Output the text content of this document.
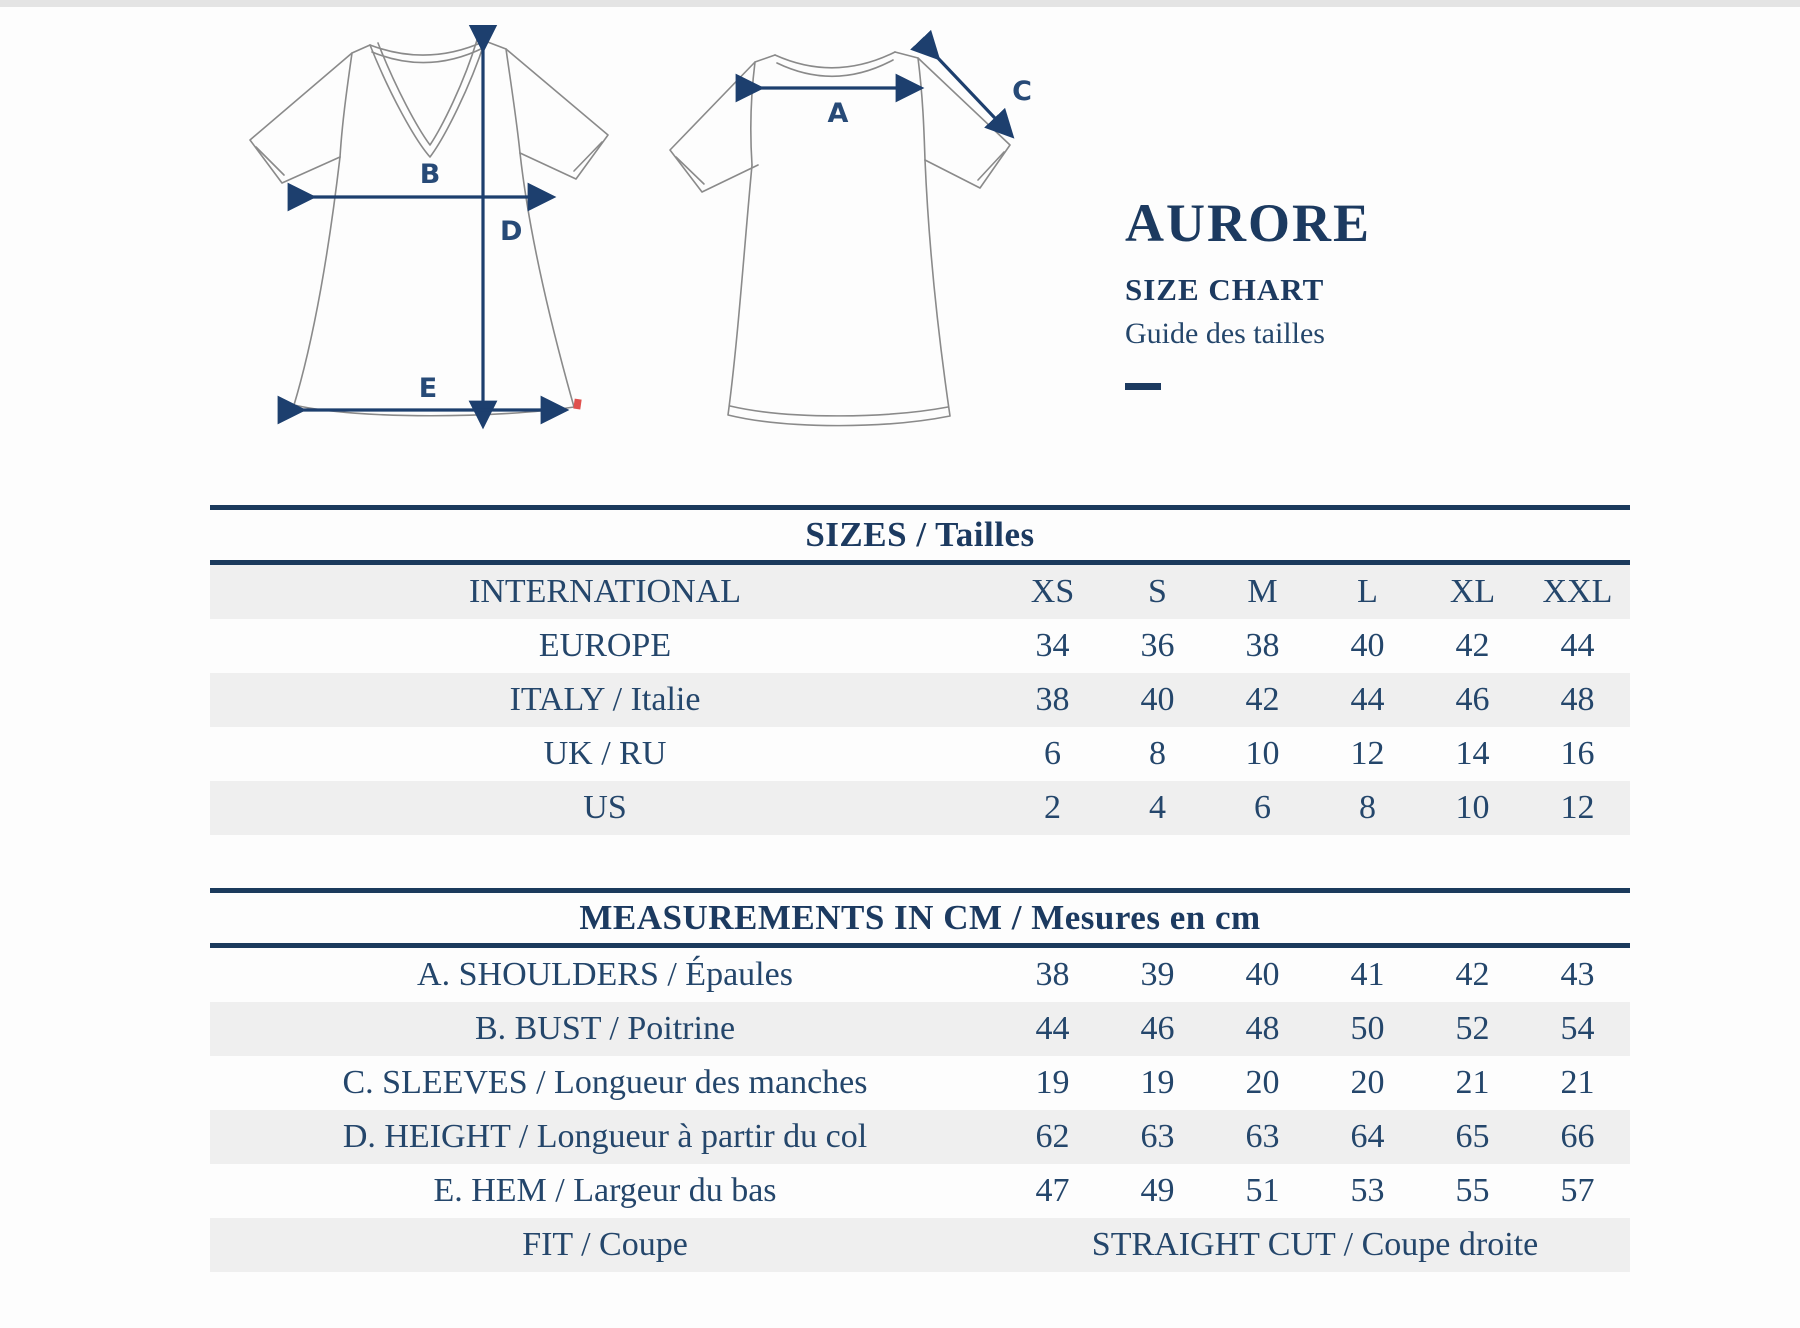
B
D
E
A
C
AURORE
SIZE CHART
Guide des tailles
SIZES / Tailles
INTERNATIONAL	XS	S	M	L	XL	XXL
EUROPE	34	36	38	40	42	44
ITALY / Italie	38	40	42	44	46	48
UK / RU	6	8	10	12	14	16
US	2	4	6	8	10	12
MEASUREMENTS IN CM / Mesures en cm
A. SHOULDERS / Épaules	38	39	40	41	42	43
B. BUST / Poitrine	44	46	48	50	52	54
C. SLEEVES / Longueur des manches	19	19	20	20	21	21
D. HEIGHT / Longueur à partir du col	62	63	63	64	65	66
E. HEM / Largeur du bas	47	49	51	53	55	57
FIT / Coupe	STRAIGHT CUT / Coupe droite
